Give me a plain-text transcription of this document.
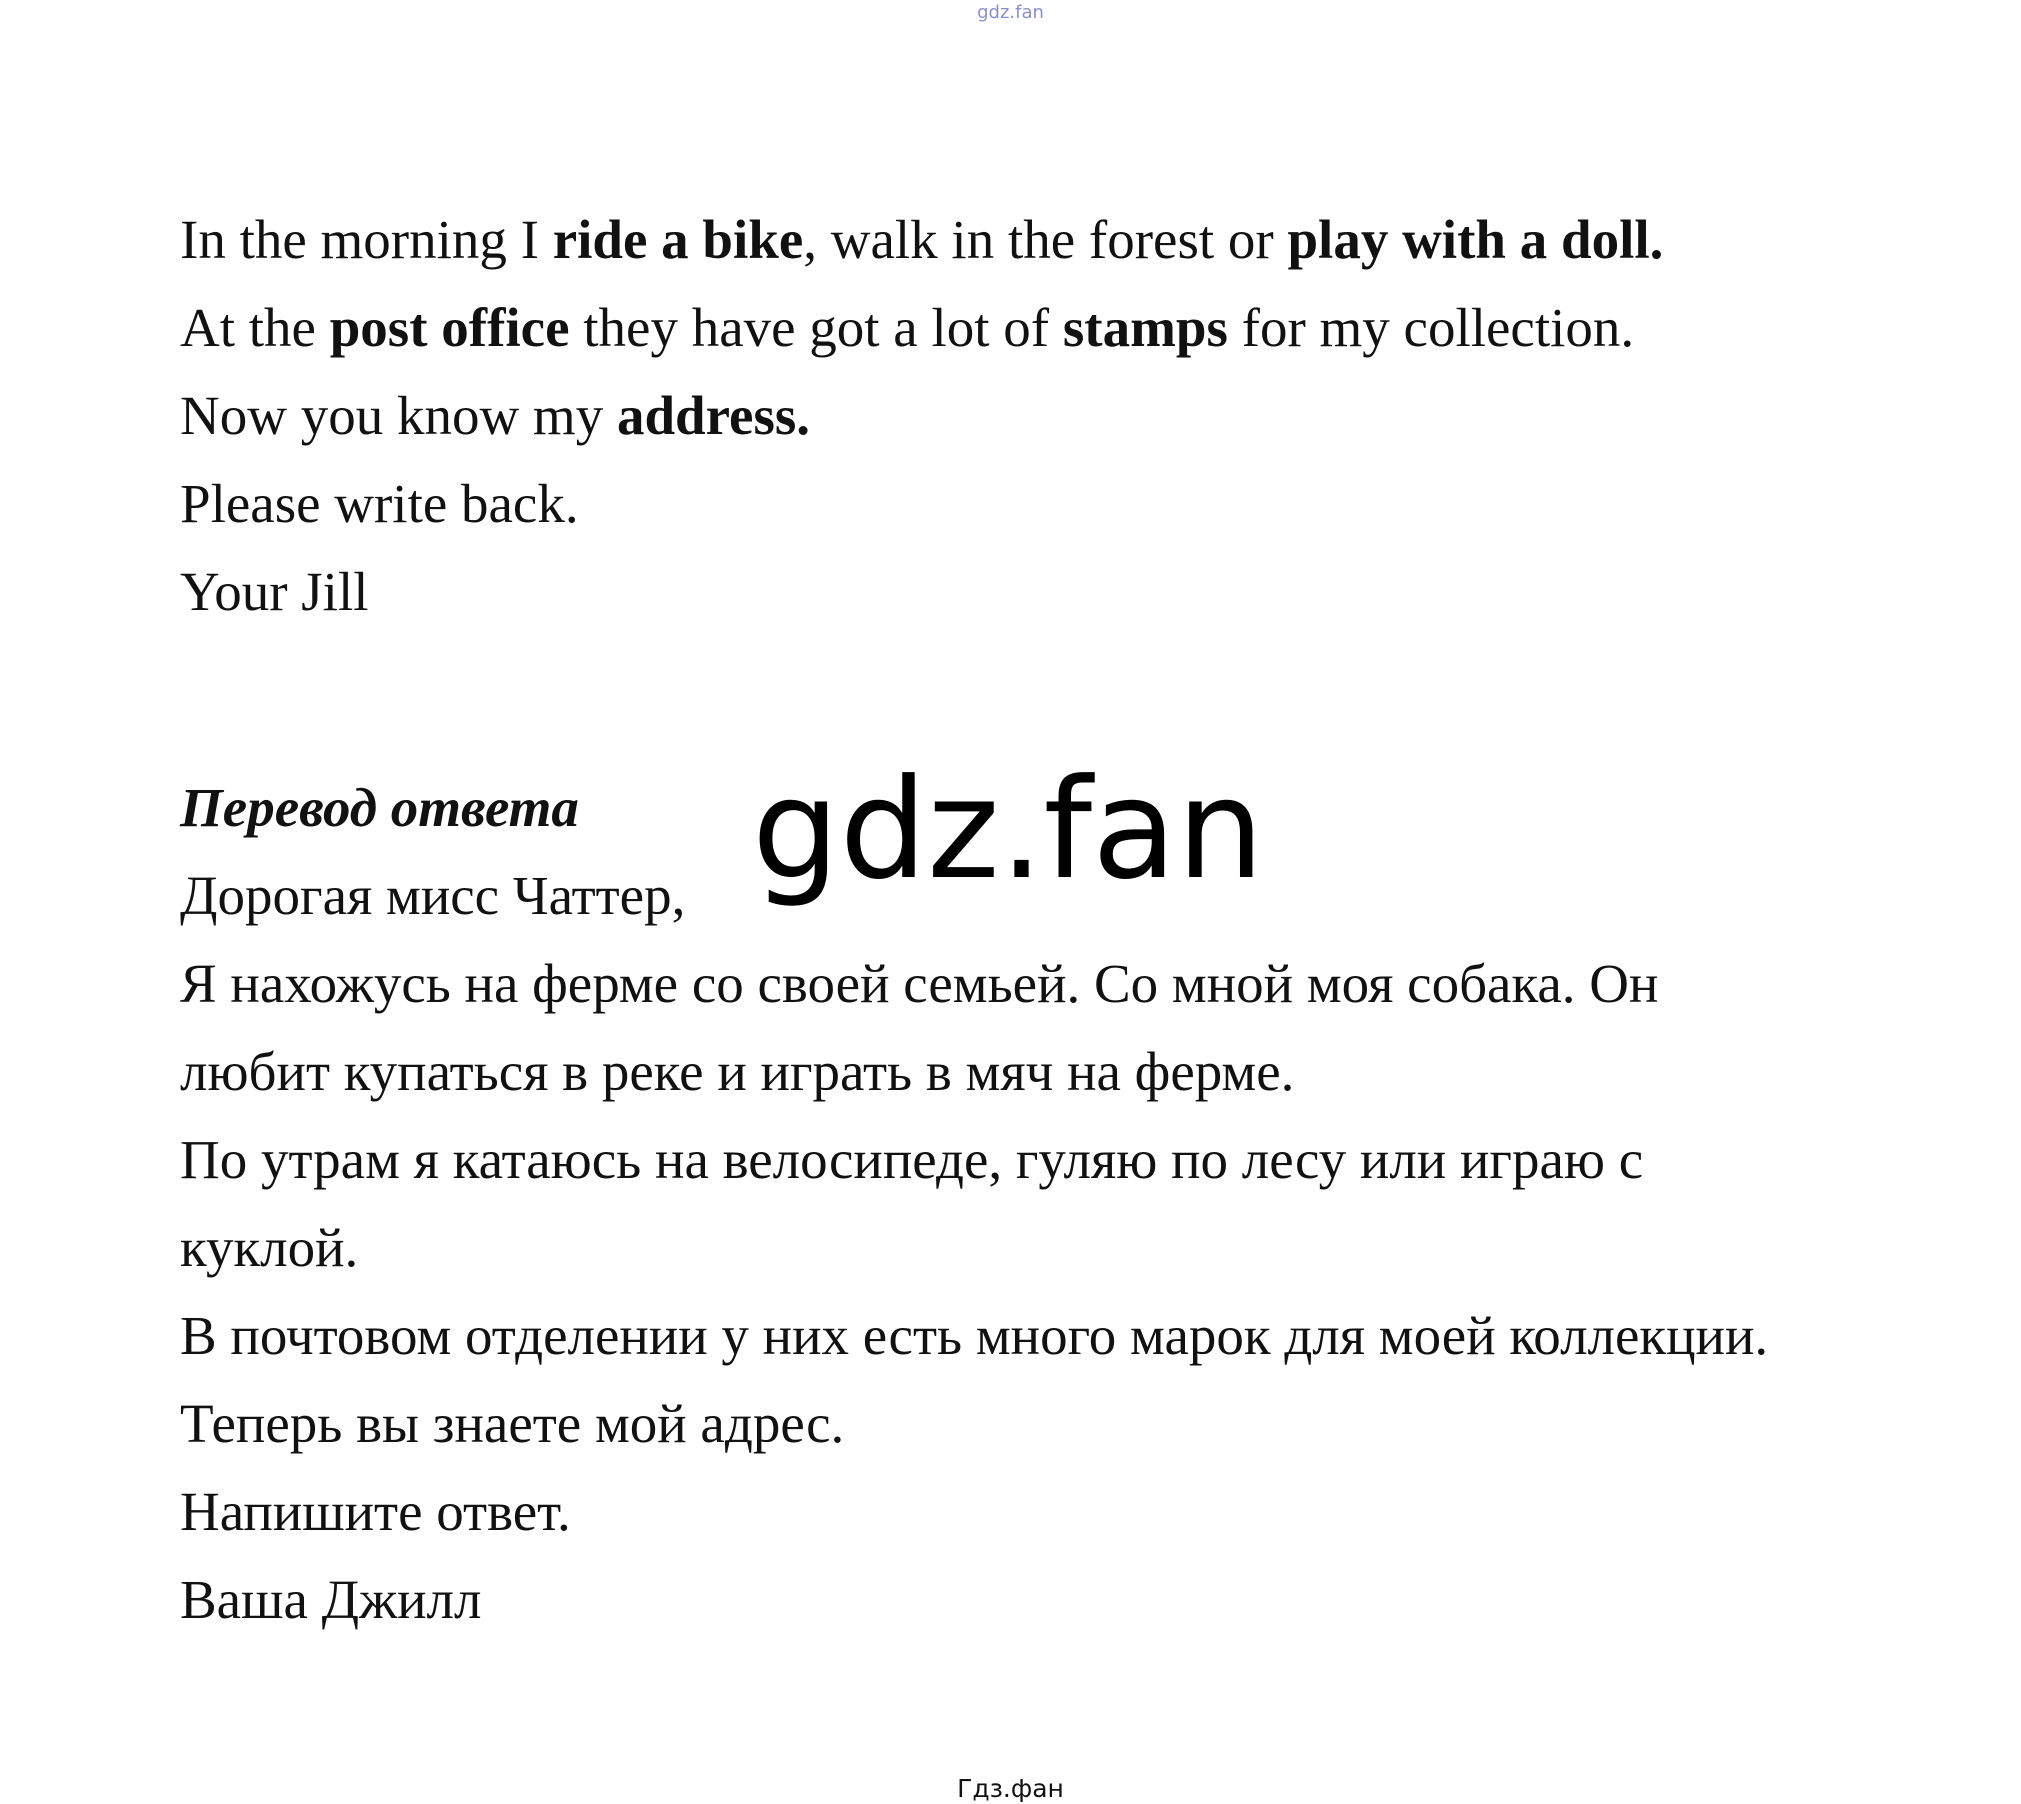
gdz.fan
In the morning I ride a bike, walk in the forest or play with a doll.
At the post office they have got a lot of stamps for my collection.
Now you know my address.
Please write back.
Your Jill
Перевод ответа
Дорогая мисс Чаттер,
Я нахожусь на ферме со своей семьей. Со мной моя собака. Он
любит купаться в реке и играть в мяч на ферме.
По утрам я катаюсь на велосипеде, гуляю по лесу или играю с
куклой.
В почтовом отделении у них есть много марок для моей коллекции.
Теперь вы знаете мой адрес.
Напишите ответ.
Ваша Джилл
gdz.fan
Гдз.фан
